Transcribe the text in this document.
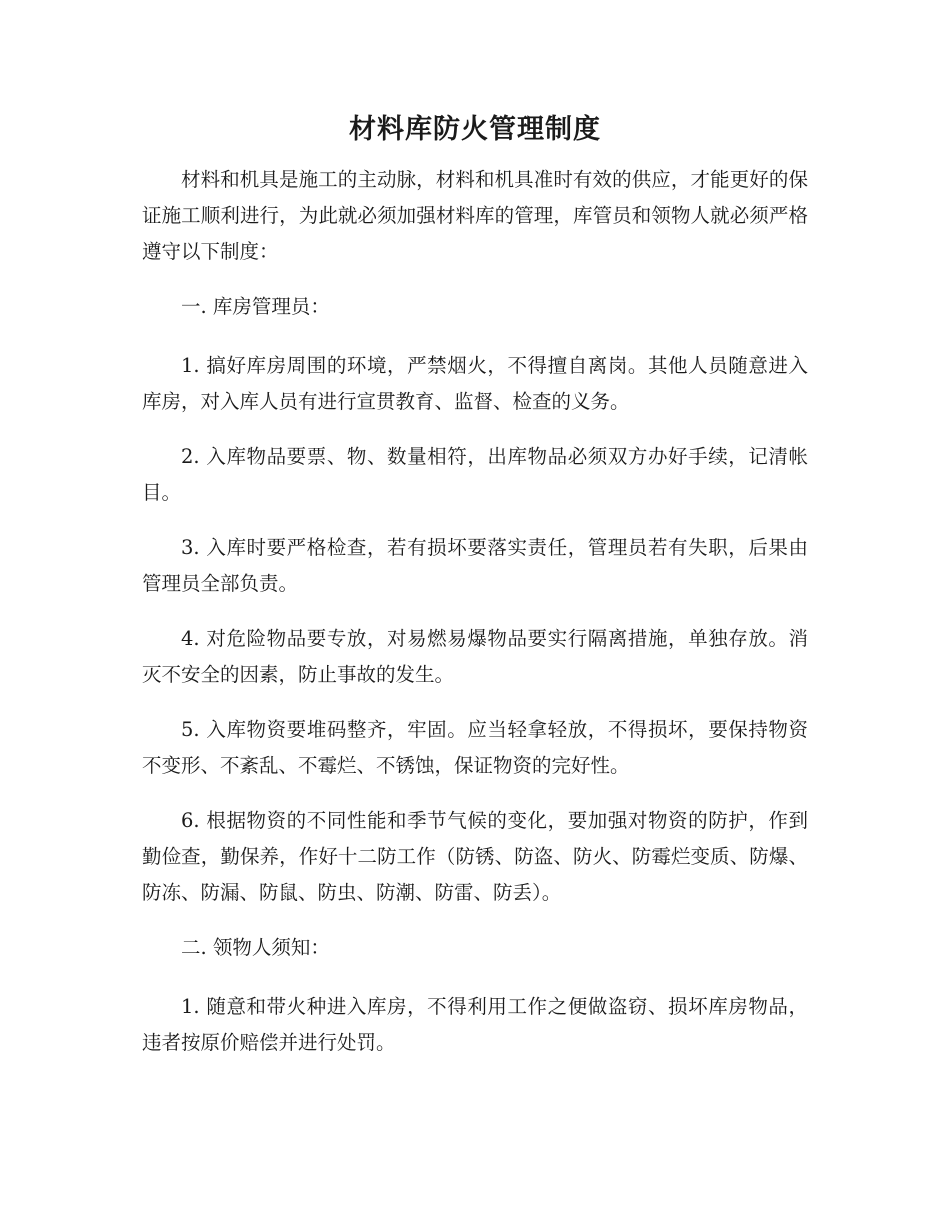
材料库防火管理制度

材料和机具是施工的主动脉，材料和机具准时有效的供应，才能更好的保证施工顺利进行，为此就必须加强材料库的管理，库管员和领物人就必须严格遵守以下制度：

一. 库房管理员：

1. 搞好库房周围的环境，严禁烟火，不得擅自离岗。其他人员随意进入库房，对入库人员有进行宣贯教育、监督、检查的义务。

2. 入库物品要票、物、数量相符，出库物品必须双方办好手续，记清帐目。

3. 入库时要严格检查，若有损坏要落实责任，管理员若有失职，后果由管理员全部负责。

4. 对危险物品要专放，对易燃易爆物品要实行隔离措施，单独存放。消灭不安全的因素，防止事故的发生。

5. 入库物资要堆码整齐，牢固。应当轻拿轻放，不得损坏，要保持物资不变形、不紊乱、不霉烂、不锈蚀，保证物资的完好性。

6. 根据物资的不同性能和季节气候的变化，要加强对物资的防护，作到勤俭查，勤保养，作好十二防工作（防锈、防盗、防火、防霉烂变质、防爆、防冻、防漏、防鼠、防虫、防潮、防雷、防丢）。

二. 领物人须知：

1. 随意和带火种进入库房，不得利用工作之便做盗窃、损坏库房物品，违者按原价赔偿并进行处罚。
